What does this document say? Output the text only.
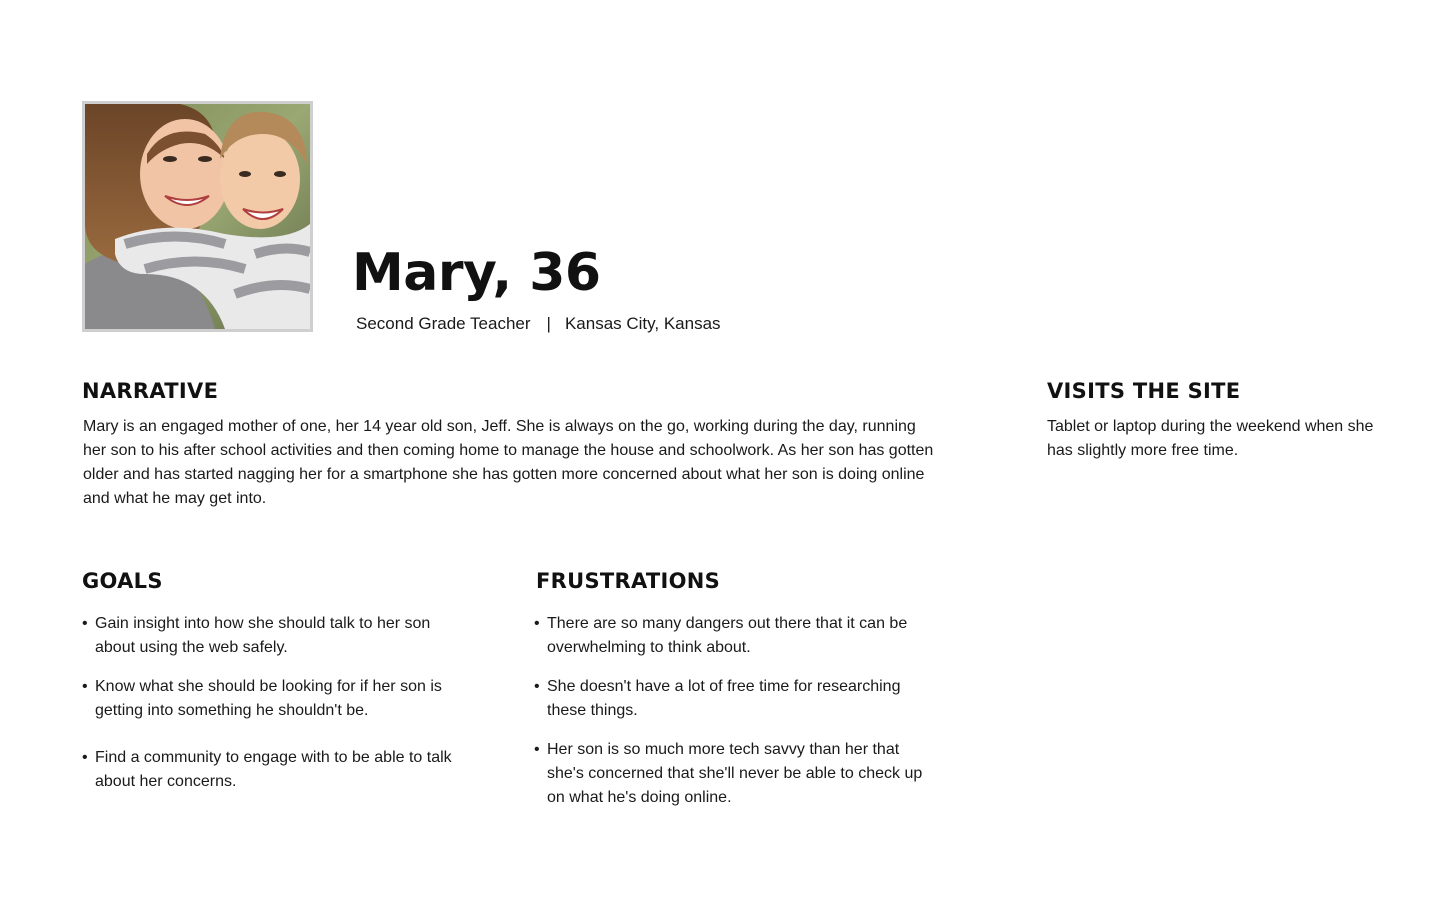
Mary, 36
Second Grade Teacher | Kansas City, Kansas
NARRATIVE

Mary is an engaged mother of one, her 14 year old son, Jeff. She is always on the go, working during the day, running her son to his after school activities and then coming home to manage the house and schoolwork. As her son has gotten older and has started nagging her for a smartphone she has gotten more concerned about what her son is doing online and what he may get into.

VISITS THE SITE

Tablet or laptop during the weekend when she has slightly more free time.

GOALS
• Gain insight into how she should talk to her son about using the web safely.
• Know what she should be looking for if her son is getting into something he shouldn't be.
• Find a community to engage with to be able to talk about her concerns.
FRUSTRATIONS
• There are so many dangers out there that it can be overwhelming to think about.
• She doesn't have a lot of free time for researching these things.
• Her son is so much more tech savvy than her that she's concerned that she'll never be able to check up on what he's doing online.
